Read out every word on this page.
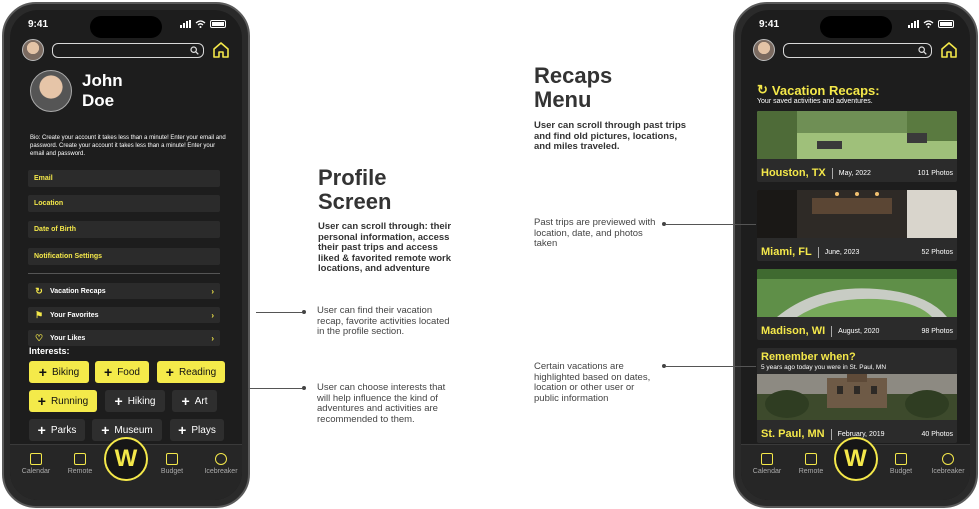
9:41
John Doe
Bio: Create your account it takes less than a minute! Enter your email and password. Create your account it takes less than a minute! Enter your email and password.
Email
Location
Date of Birth
Notification Settings
↻ Vacation Recaps	›
⚑ Your Favorites	›
♡ Your Likes	›
Interests:
+ Biking + Food + Reading
+ Running + Hiking + Art
+ Parks + Museum + Plays
Calendar	Remote W	Budget	Icebreaker
9:41
↻ Vacation Recaps:
Your saved activities and adventures.
Houston, TX May, 2022	101 Photos
Miami, FL June, 2023	52 Photos
Madison, WI August, 2020	98 Photos
Remember when?
5 years ago today you were in St. Paul, MN
St. Paul, MN February, 2019	40 Photos
Calendar	Remote W	Budget	Icebreaker
Profile Screen
User can scroll through: their personal information, access their past trips and access liked & favorited remote work locations, and adventure
User can find their vacation recap, favorite activities located in the profile section.
User can choose interests that will help influence the kind of adventures and activities are recommended to them.
Recaps Menu
User can scroll through past trips and find old pictures, locations, and miles traveled.
Past trips are previewed with location, date, and photos taken
Certain vacations are highlighted based on dates, location or other user or public information
